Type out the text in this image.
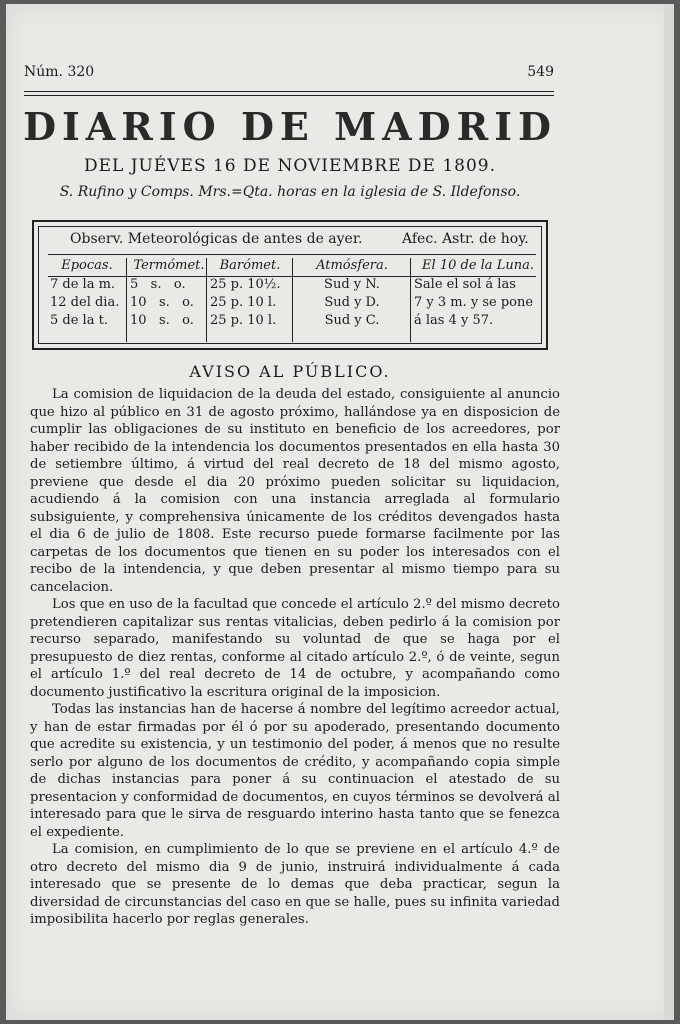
Núm. 320	549
DIARIO DE MADRID
DEL JUÉVES 16 DE NOVIEMBRE DE 1809.
S. Rufino y Comps. Mrs.=Qta. horas en la iglesia de S. Ildefonso.
Observ. Meteorológicas de antes de ayer.	Afec. Astr. de hoy.
Epocas.
7 de la m.
12 del dia.
5 de la t.
Termómet.
5   s.   o.
10   s.   o.
10   s.   o.
Barómet.
25 p. 10½.
25 p. 10 l.
25 p. 10 l.
Atmósfera.
Sud y N.
Sud y D.
Sud y C.
El 10 de la Luna.
Sale el sol á las
7 y 3 m. y se pone
á las 4 y 57.
AVISO AL PÚBLICO.

La comision de liquidacion de la deuda del estado, consiguiente al anuncio que hizo al público en 31 de agosto próximo, hallándose ya en disposicion de cumplir las obligaciones de su instituto en beneficio de los acreedores, por haber recibido de la intendencia los documentos presentados en ella hasta 30 de setiembre último, á virtud del real decreto de 18 del mismo agosto, previene que desde el dia 20 próximo pueden solicitar su liquidacion, acudiendo á la comision con una instancia arreglada al formulario subsiguiente, y comprehensiva únicamente de los créditos devengados hasta el dia 6 de julio de 1808. Este recurso puede formarse facilmente por las carpetas de los documentos que tienen en su poder los interesados con el recibo de la intendencia, y que deben presentar al mismo tiempo para su cancelacion.

Los que en uso de la facultad que concede el artículo 2.º del mismo decreto pretendieren capitalizar sus rentas vitalicias, deben pedirlo á la comision por recurso separado, manifestando su voluntad de que se haga por el presupuesto de diez rentas, conforme al citado artículo 2.º, ó de veinte, segun el artículo 1.º del real decreto de 14 de octubre, y acompañando como documento justificativo la escritura original de la imposicion.

Todas las instancias han de hacerse á nombre del legítimo acreedor actual, y han de estar firmadas por él ó por su apoderado, presentando documento que acredite su existencia, y un testimonio del poder, á menos que no resulte serlo por alguno de los documentos de crédito, y acompañando copia simple de dichas instancias para poner á su continuacion el atestado de su presentacion y conformidad de documentos, en cuyos términos se devolverá al interesado para que le sirva de resguardo interino hasta tanto que se fenezca el expediente.

La comision, en cumplimiento de lo que se previene en el artículo 4.º de otro decreto del mismo dia 9 de junio, instruirá individualmente á cada interesado que se presente de lo demas que deba practicar, segun la diversidad de circunstancias del caso en que se halle, pues su infinita variedad imposibilita hacerlo por reglas generales.
